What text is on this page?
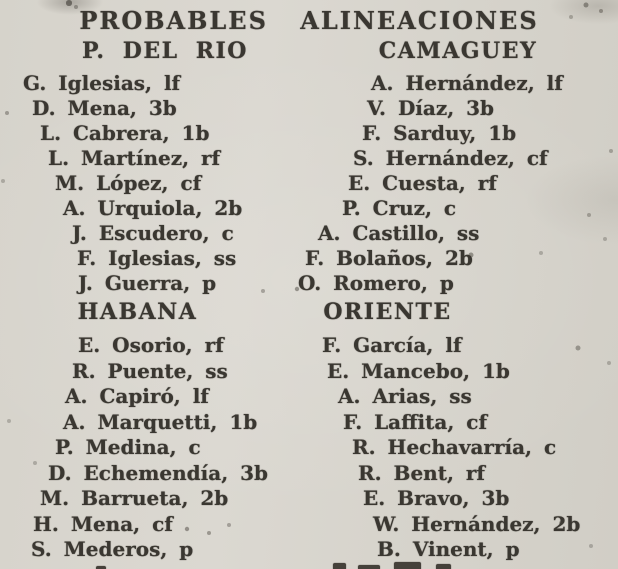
PROBABLES ALINEACIONES
P. DEL RIO	CAMAGUEY
G. Iglesias, lf
D. Mena, 3b
L. Cabrera, 1b
L. Martínez, rf
M. López, cf
A. Urquiola, 2b
J. Escudero, c
F. Iglesias, ss
J. Guerra, p
A. Hernández, lf
V. Díaz, 3b
F. Sarduy, 1b
S. Hernández, cf
E. Cuesta, rf
P. Cruz, c
A. Castillo, ss
F. Bolaños, 2b
O. Romero, p
HABANA	ORIENTE
E. Osorio, rf
R. Puente, ss
A. Capiró, lf
A. Marquetti, 1b
P. Medina, c
D. Echemendía, 3b
M. Barrueta, 2b
H. Mena, cf
S. Mederos, p
F. García, lf
E. Mancebo, 1b
A. Arias, ss
F. Laffita, cf
R. Hechavarría, c
R. Bent, rf
E. Bravo, 3b
W. Hernández, 2b
B. Vinent, p
